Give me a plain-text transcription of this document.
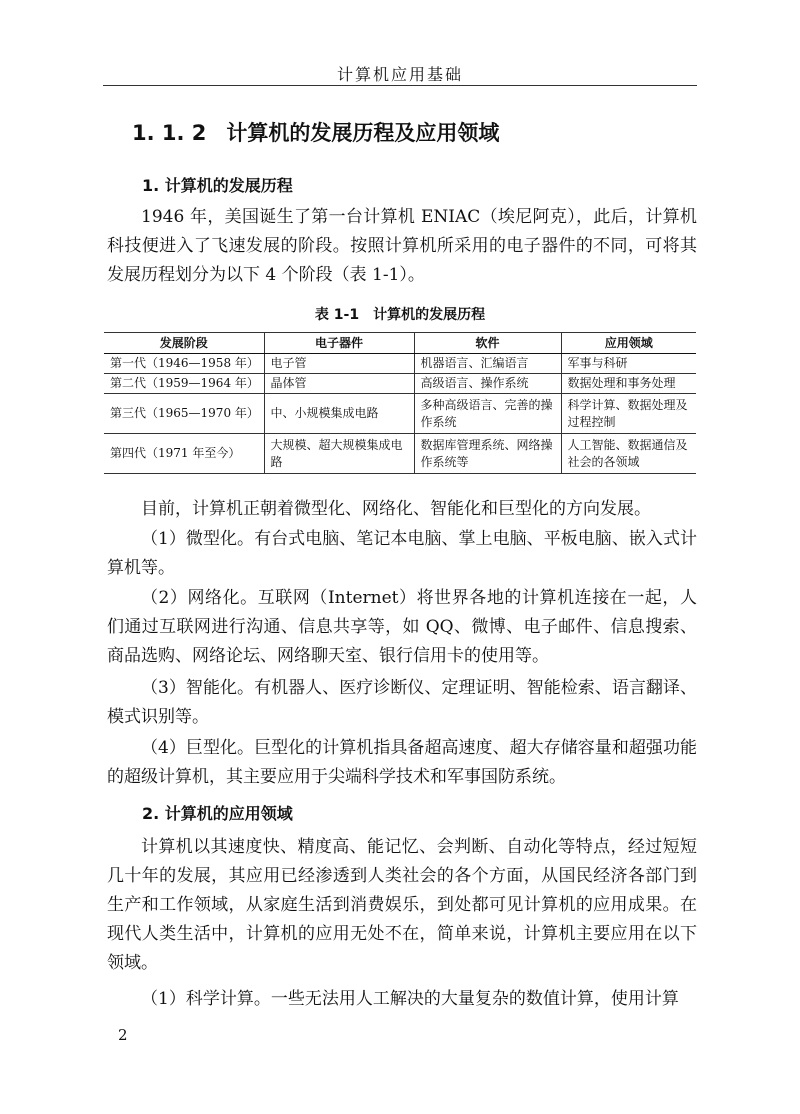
计算机应用基础
1. 1. 2 计算机的发展历程及应用领域
1. 计算机的发展历程

1946 年，美国诞生了第一台计算机 ENIAC（埃尼阿克），此后，计算机科技便进入了飞速发展的阶段。按照计算机所采用的电子器件的不同，可将其发展历程划分为以下 4 个阶段（表 1-1）。

表 1-1　计算机的发展历程
发展阶段	电子器件	软件	应用领域
第一代（1946—1958 年）	电子管	机器语言、汇编语言	军事与科研
第二代（1959—1964 年）	晶体管	高级语言、操作系统	数据处理和事务处理
第三代（1965—1970 年）	中、小规模集成电路	多种高级语言、完善的操作系统	科学计算、数据处理及过程控制
第四代（1971 年至今）	大规模、超大规模集成电路	数据库管理系统、网络操作系统等	人工智能、数据通信及社会的各领域

目前，计算机正朝着微型化、网络化、智能化和巨型化的方向发展。

（1）微型化。有台式电脑、笔记本电脑、掌上电脑、平板电脑、嵌入式计算机等。

（2）网络化。互联网（Internet）将世界各地的计算机连接在一起，人们通过互联网进行沟通、信息共享等，如 QQ、微博、电子邮件、信息搜索、商品选购、网络论坛、网络聊天室、银行信用卡的使用等。

（3）智能化。有机器人、医疗诊断仪、定理证明、智能检索、语言翻译、模式识别等。

（4）巨型化。巨型化的计算机指具备超高速度、超大存储容量和超强功能的超级计算机，其主要应用于尖端科学技术和军事国防系统。

2. 计算机的应用领域

计算机以其速度快、精度高、能记忆、会判断、自动化等特点，经过短短几十年的发展，其应用已经渗透到人类社会的各个方面，从国民经济各部门到生产和工作领域，从家庭生活到消费娱乐，到处都可见计算机的应用成果。在现代人类生活中，计算机的应用无处不在，简单来说，计算机主要应用在以下领域。

（1）科学计算。一些无法用人工解决的大量复杂的数值计算，使用计算

2
